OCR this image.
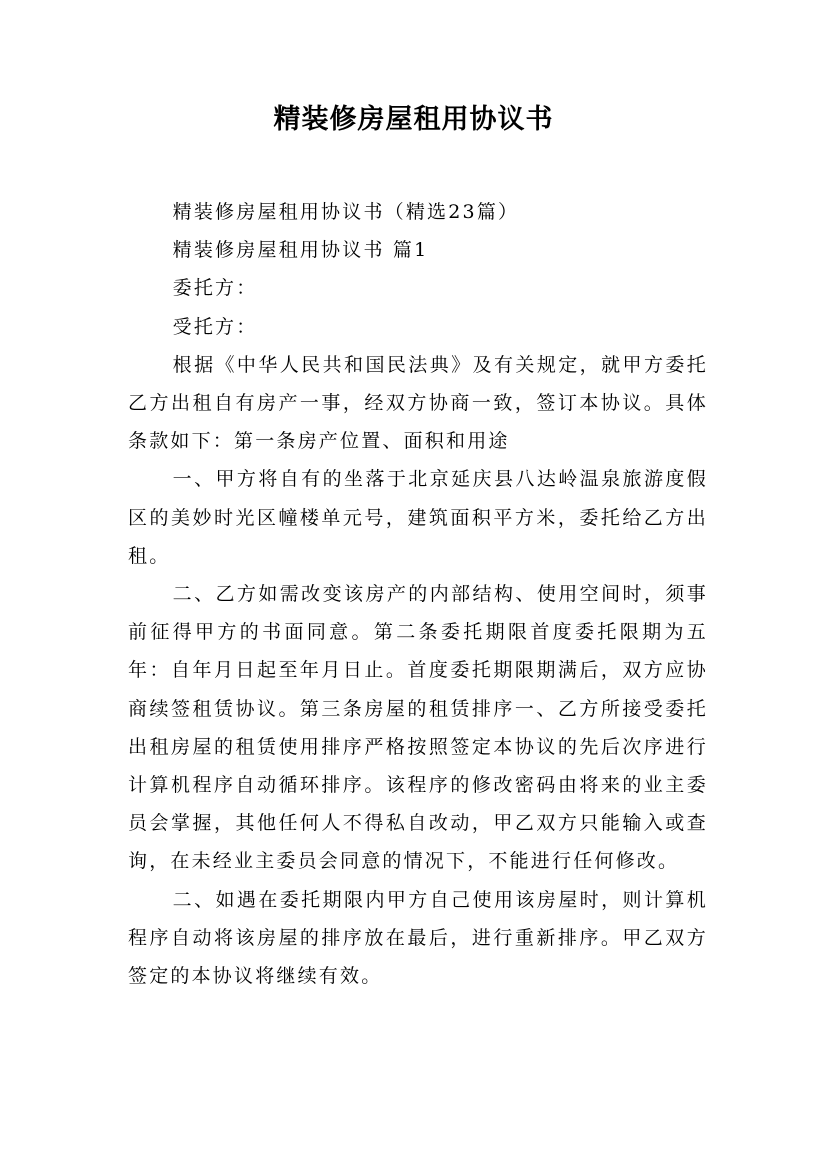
精装修房屋租用协议书

精装修房屋租用协议书（精选23篇）

精装修房屋租用协议书 篇1

委托方：

受托方：

根据《中华人民共和国民法典》及有关规定，就甲方委托乙方出租自有房产一事，经双方协商一致，签订本协议。具体条款如下：第一条房产位置、面积和用途

一、甲方将自有的坐落于北京延庆县八达岭温泉旅游度假区的美妙时光区幢楼单元号，建筑面积平方米，委托给乙方出租。

二、乙方如需改变该房产的内部结构、使用空间时，须事前征得甲方的书面同意。第二条委托期限首度委托限期为五年：自年月日起至年月日止。首度委托期限期满后，双方应协商续签租赁协议。第三条房屋的租赁排序一、乙方所接受委托出租房屋的租赁使用排序严格按照签定本协议的先后次序进行计算机程序自动循环排序。该程序的修改密码由将来的业主委员会掌握，其他任何人不得私自改动，甲乙双方只能输入或查询，在未经业主委员会同意的情况下，不能进行任何修改。

二、如遇在委托期限内甲方自己使用该房屋时，则计算机程序自动将该房屋的排序放在最后，进行重新排序。甲乙双方签定的本协议将继续有效。
